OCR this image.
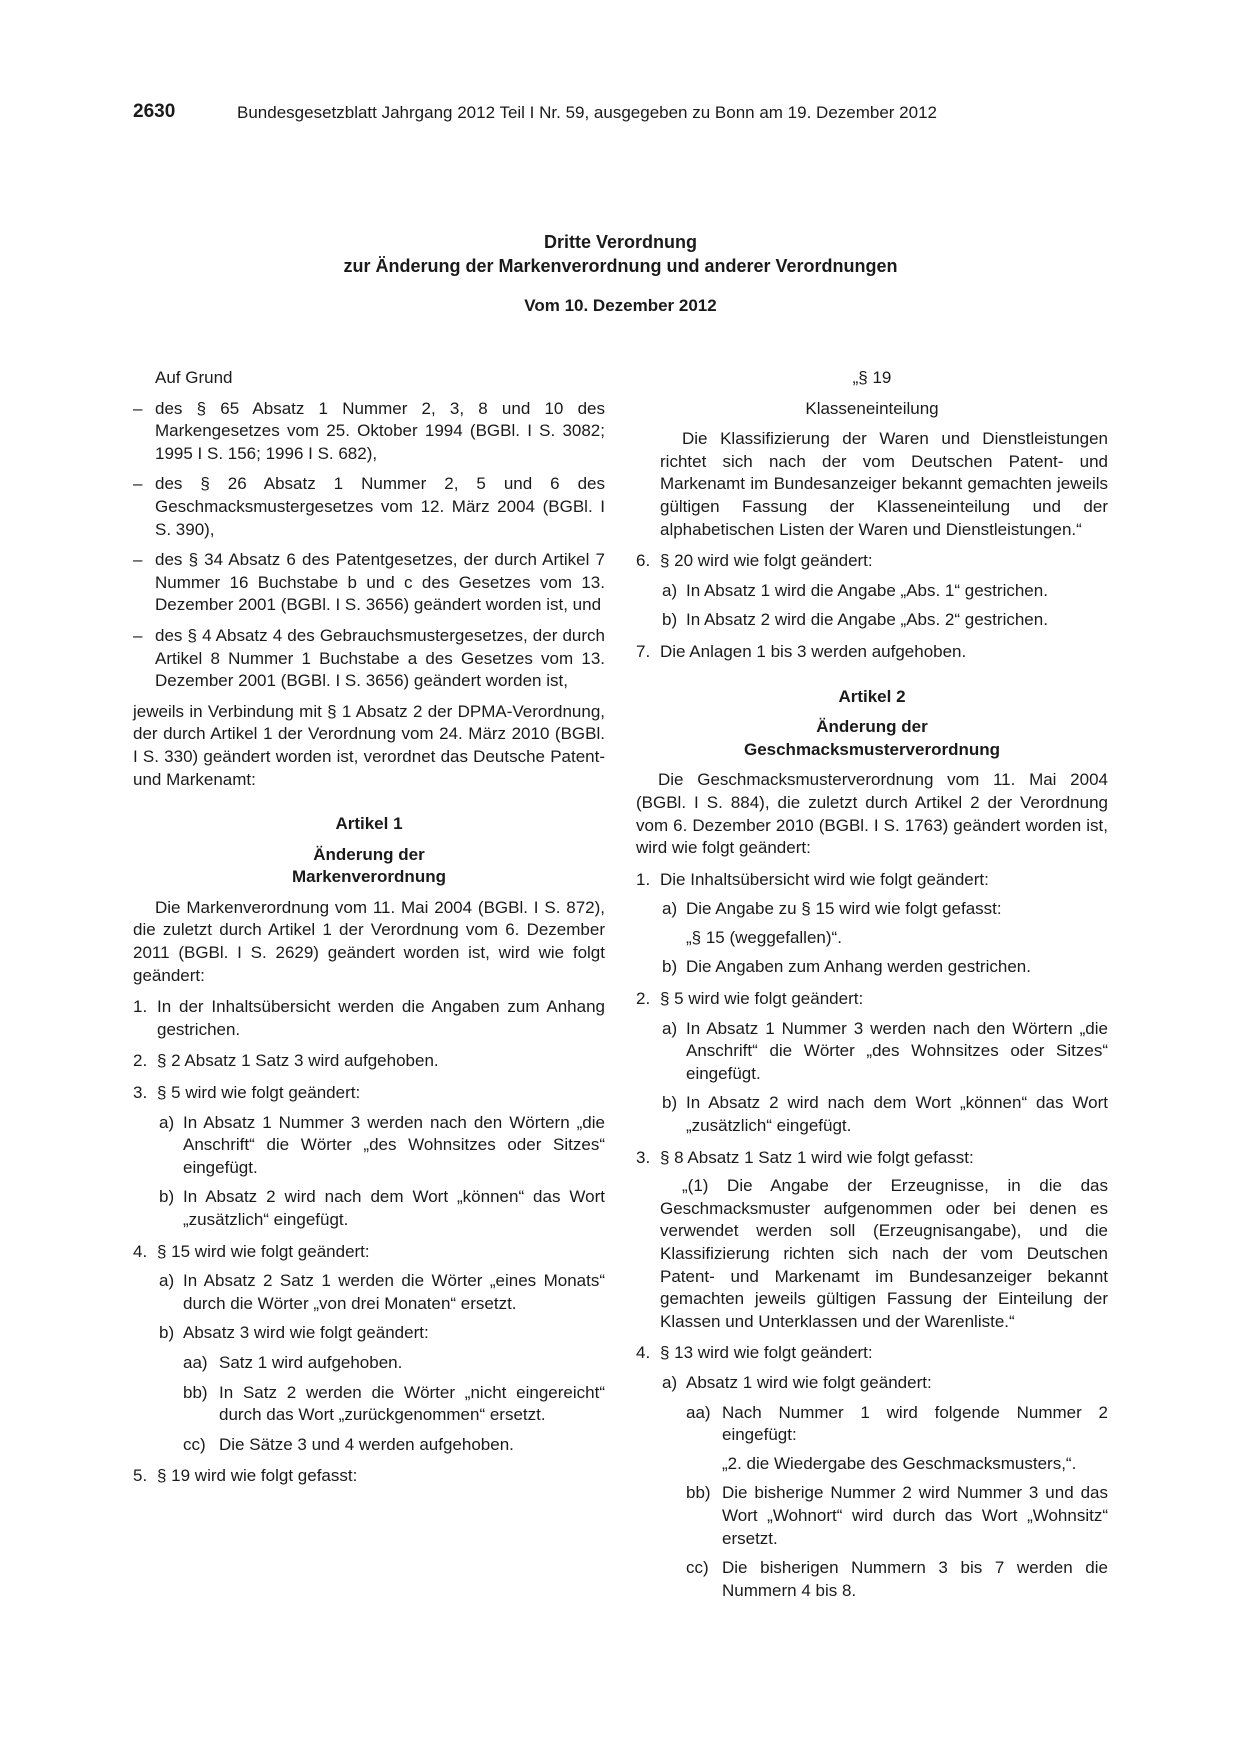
2630	Bundesgesetzblatt Jahrgang 2012 Teil I Nr. 59, ausgegeben zu Bonn am 19. Dezember 2012
Dritte Verordnung
zur Änderung der Markenverordnung und anderer Verordnungen
Vom 10. Dezember 2012

Auf Grund

– des § 65 Absatz 1 Nummer 2, 3, 8 und 10 des Markengesetzes vom 25. Oktober 1994 (BGBl. I S. 3082; 1995 I S. 156; 1996 I S. 682),
– des § 26 Absatz 1 Nummer 2, 5 und 6 des Geschmacksmustergesetzes vom 12. März 2004 (BGBl. I S. 390),
– des § 34 Absatz 6 des Patentgesetzes, der durch Artikel 7 Nummer 16 Buchstabe b und c des Gesetzes vom 13. Dezember 2001 (BGBl. I S. 3656) geändert worden ist, und
– des § 4 Absatz 4 des Gebrauchsmustergesetzes, der durch Artikel 8 Nummer 1 Buchstabe a des Gesetzes vom 13. Dezember 2001 (BGBl. I S. 3656) geändert worden ist,

jeweils in Verbindung mit § 1 Absatz 2 der DPMA-Verordnung, der durch Artikel 1 der Verordnung vom 24. März 2010 (BGBl. I S. 330) geändert worden ist, verordnet das Deutsche Patent- und Markenamt:

Artikel 1

Änderung der

Markenverordnung

Die Markenverordnung vom 11. Mai 2004 (BGBl. I S. 872), die zuletzt durch Artikel 1 der Verordnung vom 6. Dezember 2011 (BGBl. I S. 2629) geändert worden ist, wird wie folgt geändert:

1. In der Inhaltsübersicht werden die Angaben zum Anhang gestrichen.
2. § 2 Absatz 1 Satz 3 wird aufgehoben.
3. § 5 wird wie folgt geändert:
a) In Absatz 1 Nummer 3 werden nach den Wörtern „die Anschrift“ die Wörter „des Wohnsitzes oder Sitzes“ eingefügt.
b) In Absatz 2 wird nach dem Wort „können“ das Wort „zusätzlich“ eingefügt.
4. § 15 wird wie folgt geändert:
a) In Absatz 2 Satz 1 werden die Wörter „eines Monats“ durch die Wörter „von drei Monaten“ ersetzt.
b) Absatz 3 wird wie folgt geändert:
aa) Satz 1 wird aufgehoben.
bb) In Satz 2 werden die Wörter „nicht eingereicht“ durch das Wort „zurückgenommen“ ersetzt.
cc) Die Sätze 3 und 4 werden aufgehoben.
5. § 19 wird wie folgt gefasst:

„§ 19

Klasseneinteilung

Die Klassifizierung der Waren und Dienstleistungen richtet sich nach der vom Deutschen Patent- und Markenamt im Bundesanzeiger bekannt gemachten jeweils gültigen Fassung der Klasseneinteilung und der alphabetischen Listen der Waren und Dienstleistungen.“

6. § 20 wird wie folgt geändert:
a) In Absatz 1 wird die Angabe „Abs. 1“ gestrichen.
b) In Absatz 2 wird die Angabe „Abs. 2“ gestrichen.
7. Die Anlagen 1 bis 3 werden aufgehoben.

Artikel 2

Änderung der

Geschmacksmusterverordnung

Die Geschmacksmusterverordnung vom 11. Mai 2004 (BGBl. I S. 884), die zuletzt durch Artikel 2 der Verordnung vom 6. Dezember 2010 (BGBl. I S. 1763) geändert worden ist, wird wie folgt geändert:

1. Die Inhaltsübersicht wird wie folgt geändert:
a) Die Angabe zu § 15 wird wie folgt gefasst:

„§ 15 (weggefallen)“.

b) Die Angaben zum Anhang werden gestrichen.
2. § 5 wird wie folgt geändert:
a) In Absatz 1 Nummer 3 werden nach den Wörtern „die Anschrift“ die Wörter „des Wohnsitzes oder Sitzes“ eingefügt.
b) In Absatz 2 wird nach dem Wort „können“ das Wort „zusätzlich“ eingefügt.
3. § 8 Absatz 1 Satz 1 wird wie folgt gefasst:

„(1) Die Angabe der Erzeugnisse, in die das Geschmacksmuster aufgenommen oder bei denen es verwendet werden soll (Erzeugnisangabe), und die Klassifizierung richten sich nach der vom Deutschen Patent- und Markenamt im Bundesanzeiger bekannt gemachten jeweils gültigen Fassung der Einteilung der Klassen und Unterklassen und der Warenliste.“

4. § 13 wird wie folgt geändert:
a) Absatz 1 wird wie folgt geändert:
aa) Nach Nummer 1 wird folgende Nummer 2 eingefügt:

„2. die Wiedergabe des Geschmacksmusters,“.

bb) Die bisherige Nummer 2 wird Nummer 3 und das Wort „Wohnort“ wird durch das Wort „Wohnsitz“ ersetzt.
cc) Die bisherigen Nummern 3 bis 7 werden die Nummern 4 bis 8.
